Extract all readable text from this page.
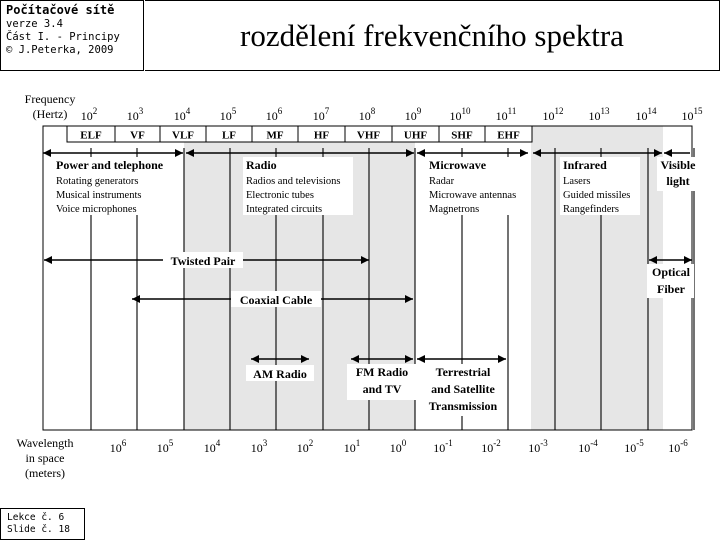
Počítačové sítě
verze 3.4
Část I. - Principy
© J.Peterka, 2009	rozdělení frekvenčního spektra
ELF	VF VLF	LF	MF	HF	VHF UHF SHF EHF
Frequency
(Hertz)
Wavelength
in space
(meters)
$10^2$ $10^3$	$10^4$ $10^5$ $10^6$	$10^7$ $10^8$ $10^9$ $10^{10}$ $10^{11}$ $10^{12}$ $10^{13}$ $10^{14}$ $10^{15}$
$10^6$	$10^5$	$10^4$	$10^3$ $10^2$	$10^1$ $10^0$ $10^{-1}$ $10^{-2}$ $10^{-3}$	$10^{-4}$ $10^{-5}$ $10^{-6}$
Power and telephone
Rotating generators
Musical instruments
Voice microphones
Radio
Radios and televisions
Electronic tubes
Integrated circuits
Microwave
Radar
Microwave antennas
Magnetrons
Infrared
Lasers
Guided missiles
Rangefinders
Visible
light
Twisted Pair
Coaxial Cable
Optical
Fiber
AM Radio	FM Radio
and TV
Terrestrial
and Satellite
Transmission
Lekce č. 6
Slide č. 18
